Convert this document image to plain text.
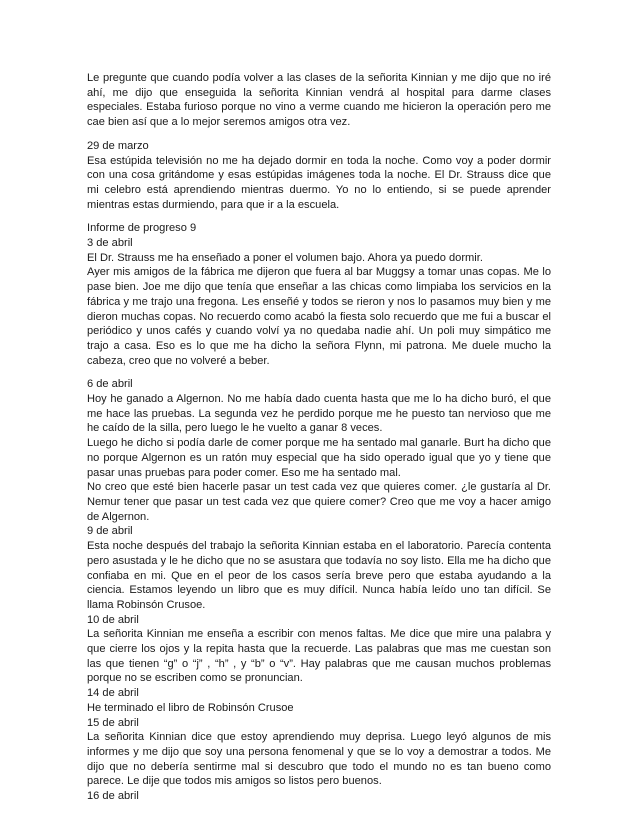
Le pregunte que cuando podía volver a las clases de la señorita Kinnian y me dijo que no iré ahí, me dijo que enseguida la señorita Kinnian vendrá al hospital para darme clases especiales. Estaba furioso porque no vino a verme cuando me hicieron la operación pero me cae bien así que a lo mejor seremos amigos otra vez.

29 de marzo

Esa estúpida televisión no me ha dejado dormir en toda la noche. Como voy a poder dormir con una cosa gritándome y esas estúpidas imágenes toda la noche. El Dr. Strauss dice que mi celebro está aprendiendo mientras duermo. Yo no lo entiendo, si se puede aprender mientras estas durmiendo, para que ir a la escuela.

Informe de progreso 9

3 de abril

El Dr. Strauss me ha enseñado a poner el volumen bajo. Ahora ya puedo dormir.

Ayer mis amigos de la fábrica me dijeron que fuera al bar Muggsy a tomar unas copas. Me lo pase bien. Joe me dijo que tenía que enseñar a las chicas como limpiaba los servicios en la fábrica y me trajo una fregona. Les enseñé y todos se rieron y nos lo pasamos muy bien y me dieron muchas copas. No recuerdo como acabó la fiesta solo recuerdo que me fui a buscar el periódico y unos cafés y cuando volví ya no quedaba nadie ahí. Un poli muy simpático me trajo a casa. Eso es lo que me ha dicho la señora Flynn, mi patrona. Me duele mucho la cabeza, creo que no volveré a beber.

6 de abril

Hoy he ganado a Algernon. No me había dado cuenta hasta que me lo ha dicho buró, el que me hace las pruebas. La segunda vez he perdido porque me he puesto tan nervioso que me he caído de la silla, pero luego le he vuelto a ganar 8 veces.

Luego he dicho si podía darle de comer porque me ha sentado mal ganarle. Burt ha dicho que no porque Algernon es un ratón muy especial que ha sido operado igual que yo y tiene que pasar unas pruebas para poder comer. Eso me ha sentado mal.

No creo que esté bien hacerle pasar un test cada vez que quieres comer. ¿le gustaría al Dr. Nemur tener que pasar un test cada vez que quiere comer? Creo que me voy a hacer amigo de Algernon.

9 de abril

Esta noche después del trabajo la señorita Kinnian estaba en el laboratorio. Parecía contenta pero asustada y le he dicho que no se asustara que todavía no soy listo. Ella me ha dicho que confiaba en mi. Que en el peor de los casos sería breve pero que estaba ayudando a la ciencia. Estamos leyendo un libro que es muy difícil. Nunca había leído uno tan difícil. Se llama Robinsón Crusoe.

10 de abril

La señorita Kinnian me enseña a escribir con menos faltas. Me dice que mire una palabra y que cierre los ojos y la repita hasta que la recuerde. Las palabras que mas me cuestan son las que tienen “g” o “j” , “h” , y “b” o “v”. Hay palabras que me causan muchos problemas porque no se escriben como se pronuncian.

14 de abril

He terminado el libro de Robinsón Crusoe

15 de abril

La señorita Kinnian dice que estoy aprendiendo muy deprisa. Luego leyó algunos de mis informes y me dijo que soy una persona fenomenal y que se lo voy a demostrar a todos. Me dijo que no debería sentirme mal si descubro que todo el mundo no es tan bueno como parece. Le dije que todos mis amigos so listos pero buenos.

16 de abril
